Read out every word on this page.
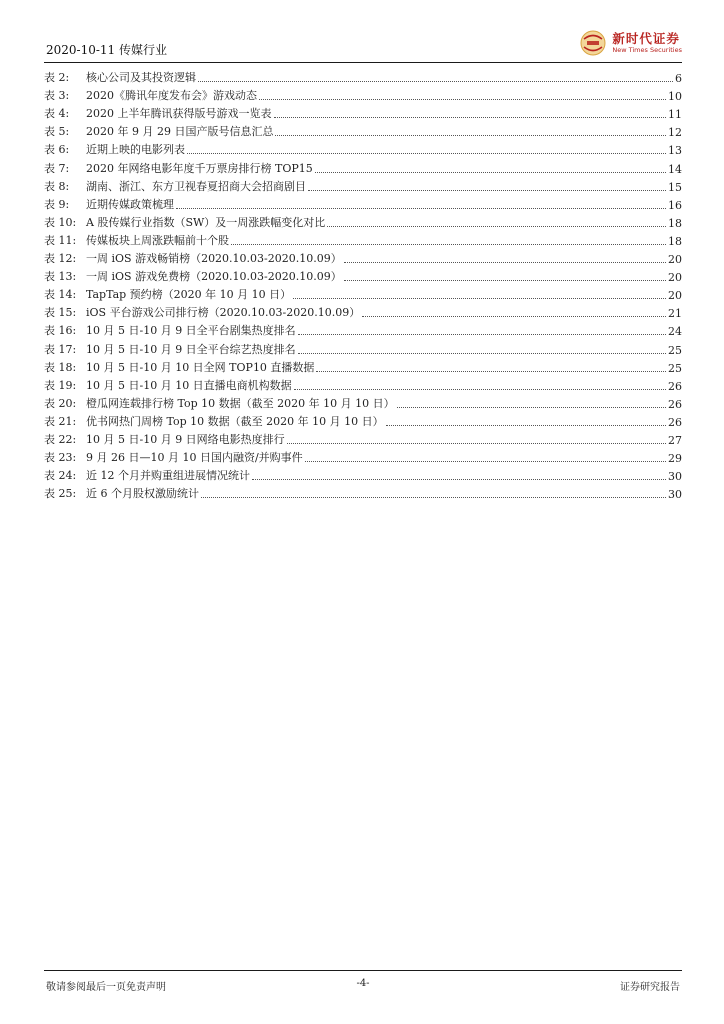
2020-10-11 传媒行业
新时代证券
New Times Securities
表 2:	核心公司及其投资逻辑	6
表 3:	2020《腾讯年度发布会》游戏动态	10
表 4:	2020 上半年腾讯获得版号游戏一览表	11
表 5:	2020 年 9 月 29 日国产版号信息汇总	12
表 6:	近期上映的电影列表	13
表 7:	2020 年网络电影年度千万票房排行榜 TOP15	14
表 8:	湖南、浙江、东方卫视春夏招商大会招商剧目	15
表 9:	近期传媒政策梳理	16
表 10: A 股传媒行业指数（SW）及一周涨跌幅变化对比	18
表 11: 传媒板块上周涨跌幅前十个股	18
表 12: 一周 iOS 游戏畅销榜（2020.10.03-2020.10.09）	20
表 13: 一周 iOS 游戏免费榜（2020.10.03-2020.10.09）	20
表 14: TapTap 预约榜（2020 年 10 月 10 日）	20
表 15: iOS 平台游戏公司排行榜（2020.10.03-2020.10.09）	21
表 16: 10 月 5 日-10 月 9 日全平台剧集热度排名	24
表 17: 10 月 5 日-10 月 9 日全平台综艺热度排名	25
表 18: 10 月 5 日-10 月 10 日全网 TOP10 直播数据	25
表 19: 10 月 5 日-10 月 10 日直播电商机构数据	26
表 20: 橙瓜网连载排行榜 Top 10 数据（截至 2020 年 10 月 10 日）	26
表 21: 优书网热门周榜 Top 10 数据（截至 2020 年 10 月 10 日）	26
表 22: 10 月 5 日-10 月 9 日网络电影热度排行	27
表 23: 9 月 26 日—10 月 10 日国内融资/并购事件	29
表 24: 近 12 个月并购重组进展情况统计	30
表 25: 近 6 个月股权激励统计	30
敬请参阅最后一页免责声明	-4-	证券研究报告
